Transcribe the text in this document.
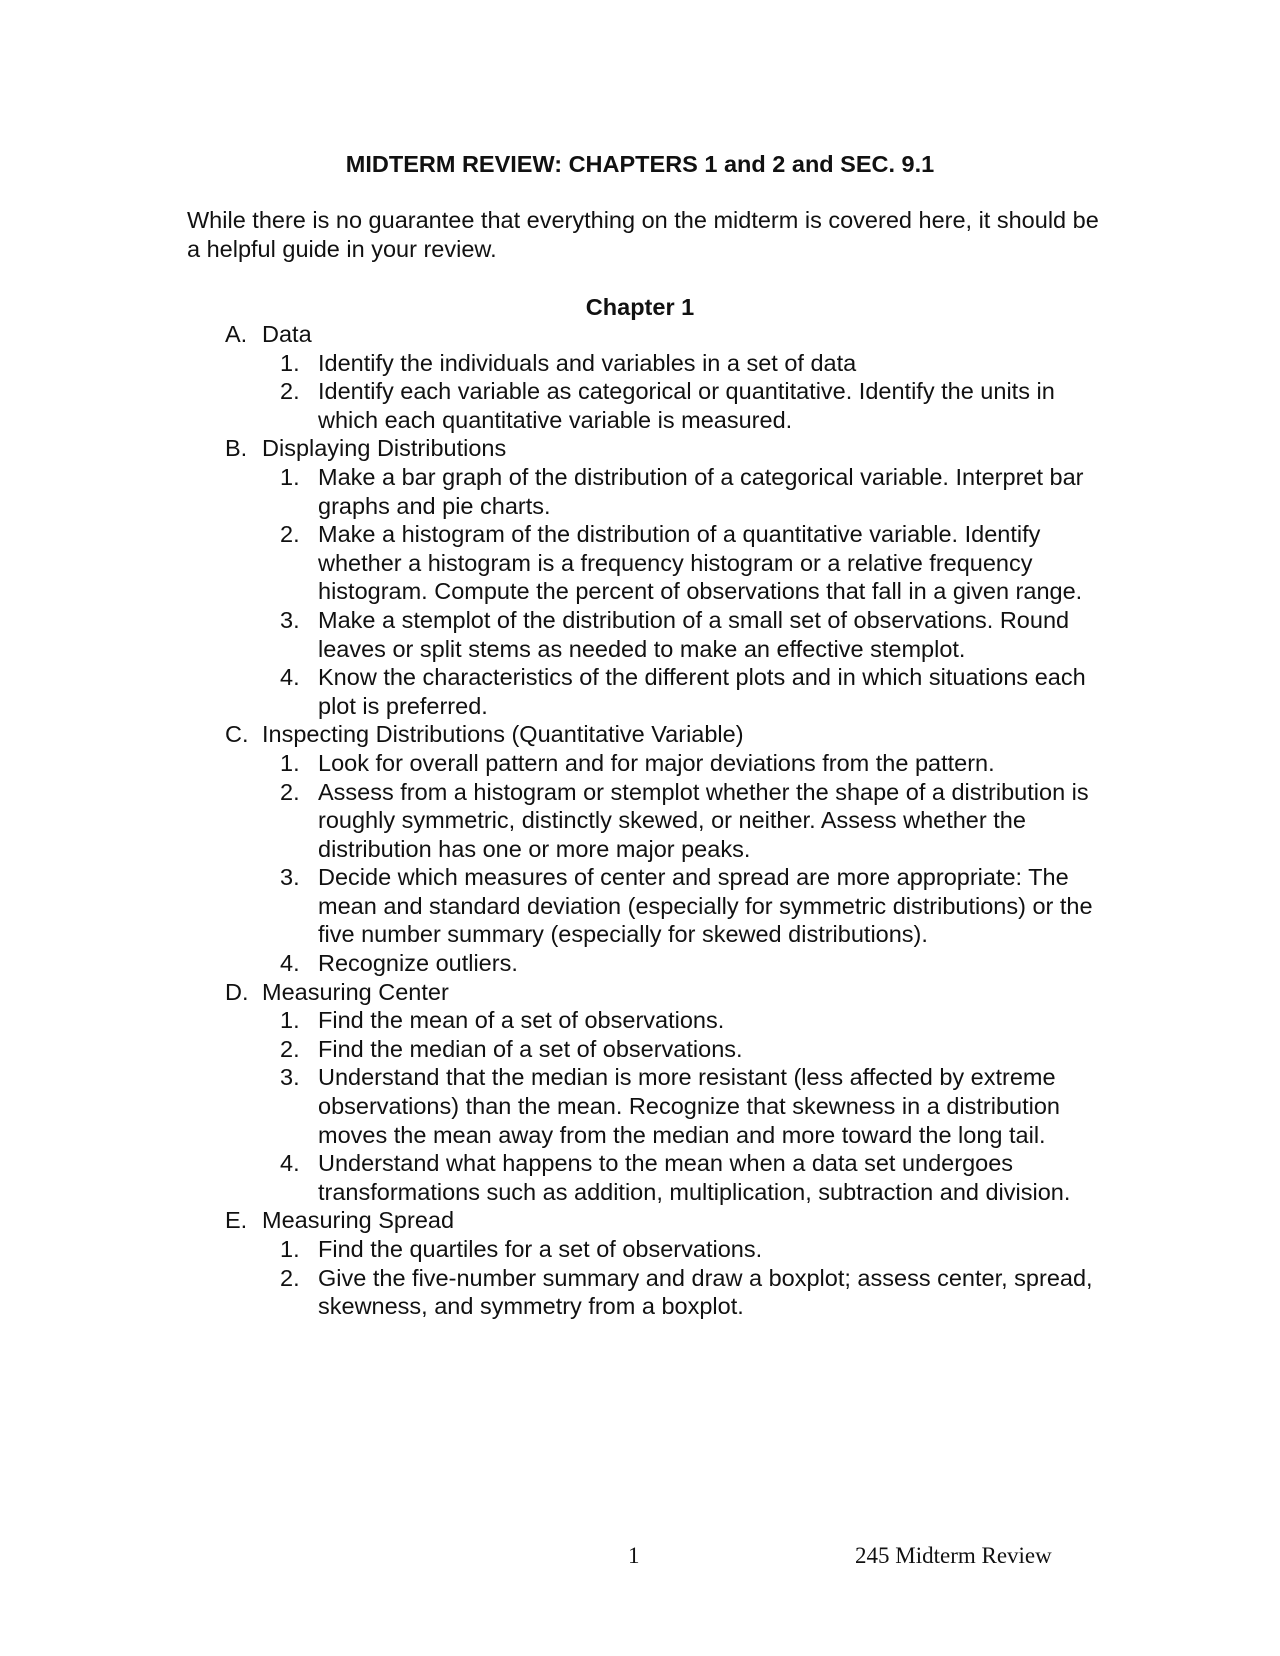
MIDTERM REVIEW: CHAPTERS 1 and 2 and SEC. 9.1
While there is no guarantee that everything on the midterm is covered here, it should be a helpful guide in your review.
Chapter 1
A. Data
1. Identify the individuals and variables in a set of data
2. Identify each variable as categorical or quantitative. Identify the units in which each quantitative variable is measured.
B. Displaying Distributions
1. Make a bar graph of the distribution of a categorical variable. Interpret bar graphs and pie charts.
2. Make a histogram of the distribution of a quantitative variable. Identify whether a histogram is a frequency histogram or a relative frequency histogram. Compute the percent of observations that fall in a given range.
3. Make a stemplot of the distribution of a small set of observations. Round leaves or split stems as needed to make an effective stemplot.
4. Know the characteristics of the different plots and in which situations each plot is preferred.
C. Inspecting Distributions (Quantitative Variable)
1. Look for overall pattern and for major deviations from the pattern.
2. Assess from a histogram or stemplot whether the shape of a distribution is roughly symmetric, distinctly skewed, or neither. Assess whether the distribution has one or more major peaks.
3. Decide which measures of center and spread are more appropriate: The mean and standard deviation (especially for symmetric distributions) or the five number summary (especially for skewed distributions).
4. Recognize outliers.
D. Measuring Center
1. Find the mean of a set of observations.
2. Find the median of a set of observations.
3. Understand that the median is more resistant (less affected by extreme observations) than the mean. Recognize that skewness in a distribution moves the mean away from the median and more toward the long tail.
4. Understand what happens to the mean when a data set undergoes transformations such as addition, multiplication, subtraction and division.
E. Measuring Spread
1. Find the quartiles for a set of observations.
2. Give the five-number summary and draw a boxplot; assess center, spread, skewness, and symmetry from a boxplot.
1	245 Midterm Review
